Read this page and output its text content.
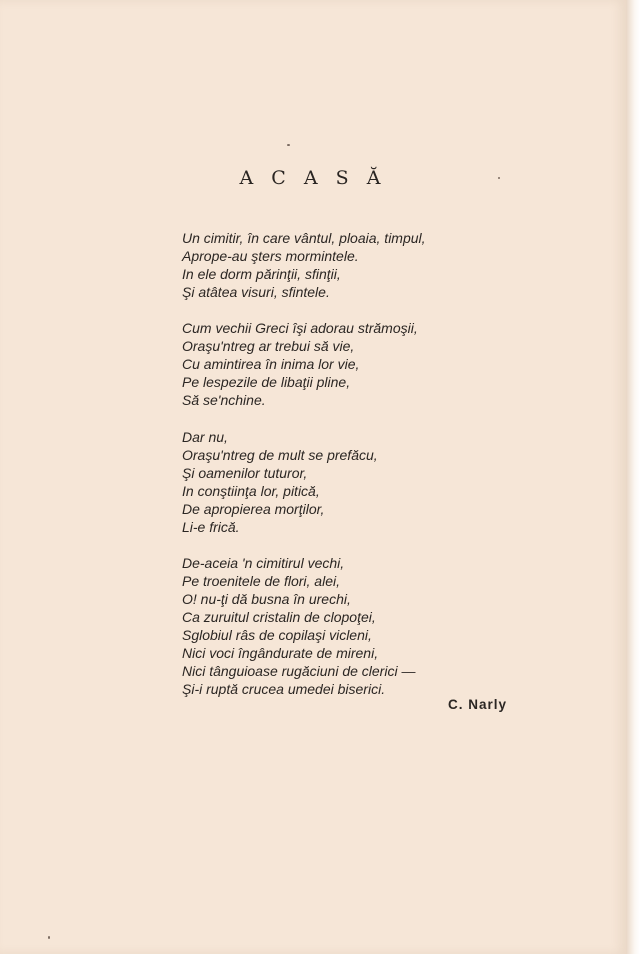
A C A S Ă
Un cimitir, în care vântul, ploaia, timpul,
Aprope-au şters mormintele.
In ele dorm părinţii, sfinţii,
Şi atâtea visuri, sfintele.
Cum vechii Greci îşi adorau strămoşii,
Oraşu'ntreg ar trebui să vie,
Cu amintirea în inima lor vie,
Pe lespezile de libaţii pline,
Să se'nchine.
Dar nu,
Oraşu'ntreg de mult se prefăcu,
Şi oamenilor tuturor,
In conştiinţa lor, pitică,
De apropierea morţilor,
Li-e frică.
De-aceia 'n cimitirul vechi,
Pe troenitele de flori, alei,
O! nu-ţi dă busna în urechi,
Ca zuruitul cristalin de clopoţei,
Sglobiul râs de copilaşi vicleni,
Nici voci îngândurate de mireni,
Nici tânguioase rugăciuni de clerici —
Şi-i ruptă crucea umedei biserici.

C. Narly
